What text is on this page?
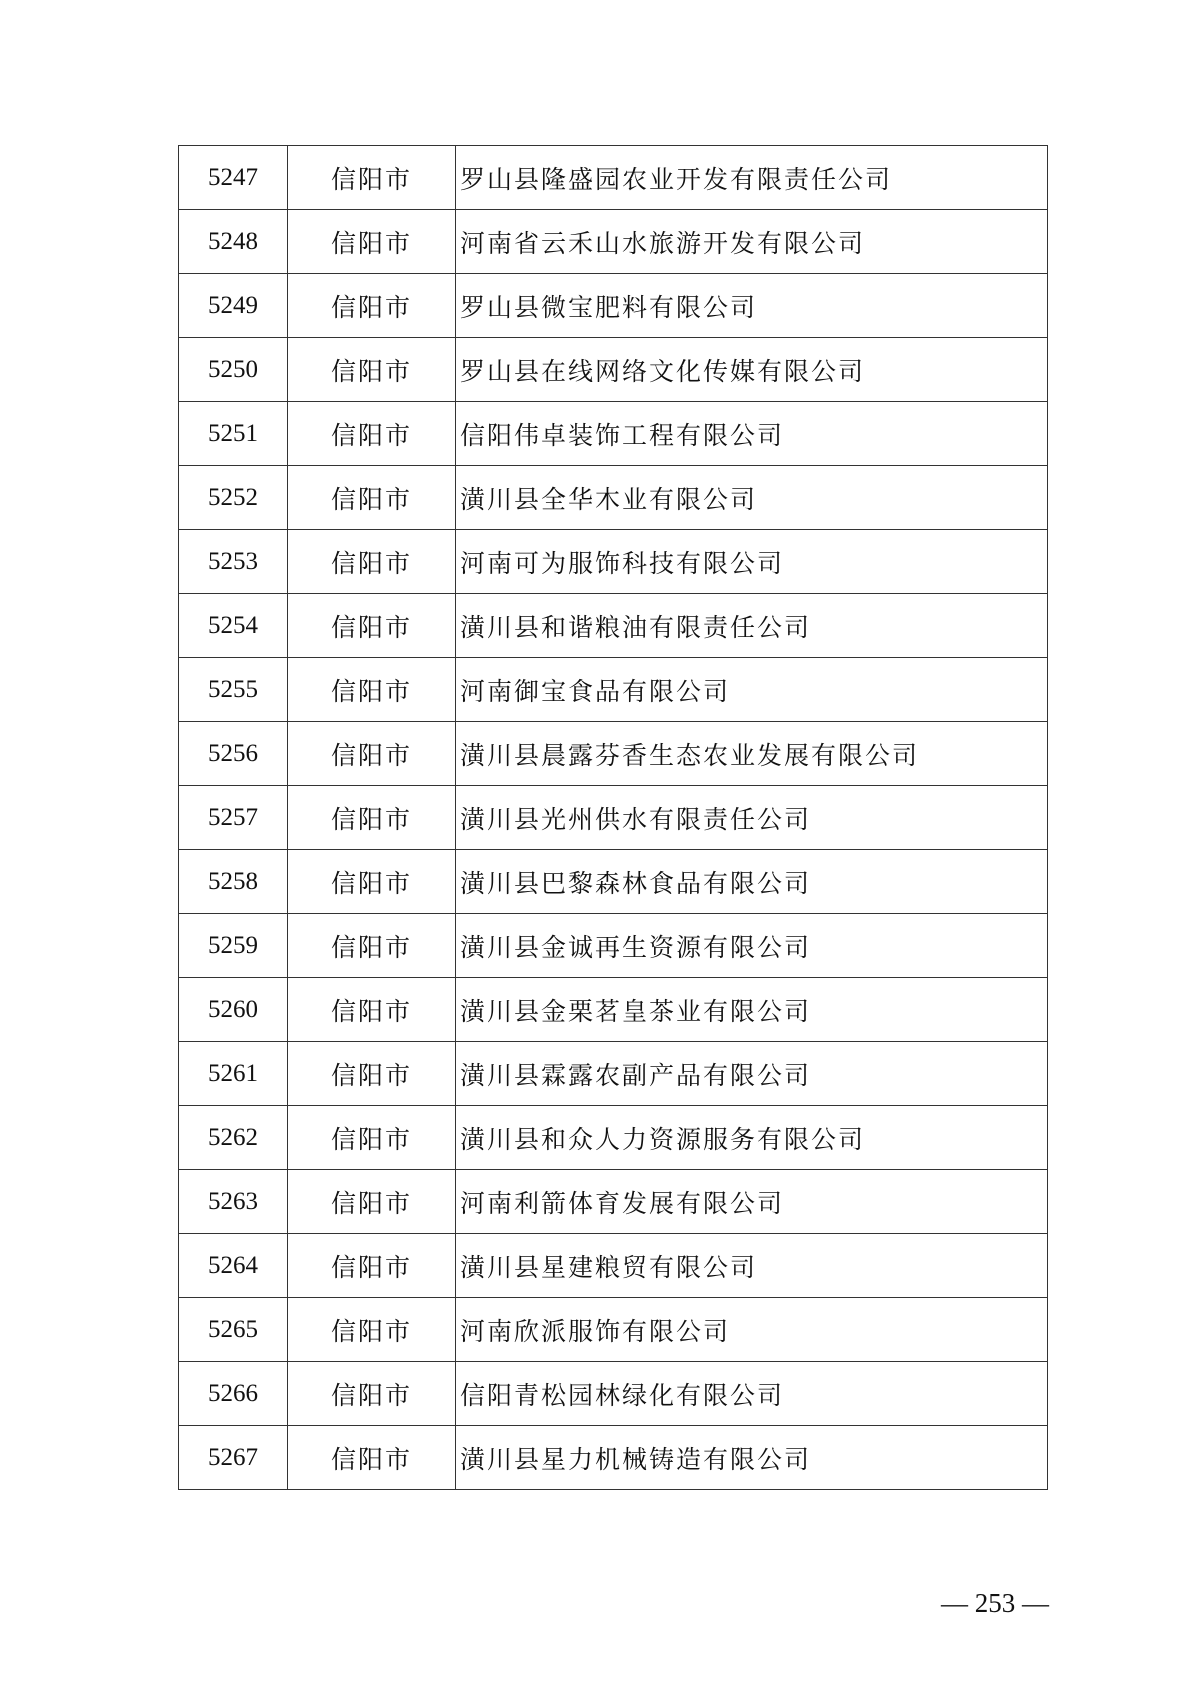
5247	信阳市	罗山县隆盛园农业开发有限责任公司
5248	信阳市	河南省云禾山水旅游开发有限公司
5249	信阳市	罗山县微宝肥料有限公司
5250	信阳市	罗山县在线网络文化传媒有限公司
5251	信阳市	信阳伟卓装饰工程有限公司
5252	信阳市	潢川县全华木业有限公司
5253	信阳市	河南可为服饰科技有限公司
5254	信阳市	潢川县和谐粮油有限责任公司
5255	信阳市	河南御宝食品有限公司
5256	信阳市	潢川县晨露芬香生态农业发展有限公司
5257	信阳市	潢川县光州供水有限责任公司
5258	信阳市	潢川县巴黎森林食品有限公司
5259	信阳市	潢川县金诚再生资源有限公司
5260	信阳市	潢川县金栗茗皇茶业有限公司
5261	信阳市	潢川县霖露农副产品有限公司
5262	信阳市	潢川县和众人力资源服务有限公司
5263	信阳市	河南利箭体育发展有限公司
5264	信阳市	潢川县星建粮贸有限公司
5265	信阳市	河南欣派服饰有限公司
5266	信阳市	信阳青松园林绿化有限公司
5267	信阳市	潢川县星力机械铸造有限公司
— 253 —
